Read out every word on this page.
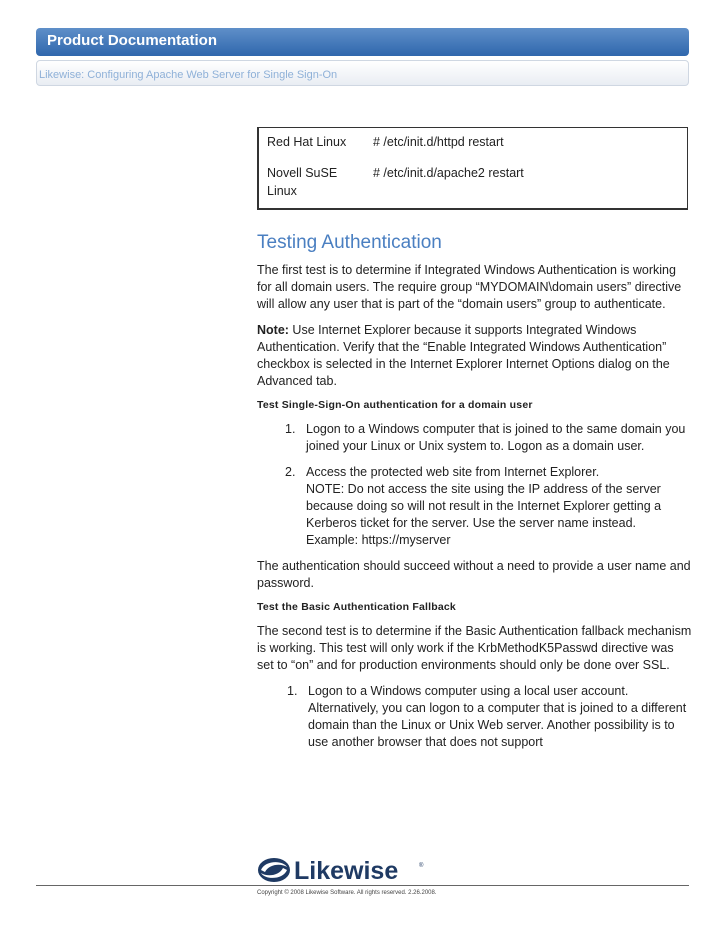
Product Documentation
Likewise: Configuring Apache Web Server for Single Sign-On
Red Hat Linux	# /etc/init.d/httpd restart
Novell SuSE
Linux
# /etc/init.d/apache2 restart
Testing Authentication

The first test is to determine if Integrated Windows Authentication is working for all domain users. The require group “MYDOMAIN\domain users” directive will allow any user that is part of the “domain users” group to authenticate.

Note: Use Internet Explorer because it supports Integrated Windows Authentication. Verify that the “Enable Integrated Windows Authentication” checkbox is selected in the Internet Explorer Internet Options dialog on the Advanced tab.

Test Single-Sign-On authentication for a domain user
1. Logon to a Windows computer that is joined to the same domain you joined your Linux or Unix system to. Logon as a domain user.
2. Access the protected web site from Internet Explorer.
NOTE: Do not access the site using the IP address of the server because doing so will not result in the Internet Explorer getting a Kerberos ticket for the server. Use the server name instead.
Example: https://myserver

The authentication should succeed without a need to provide a user name and password.

Test the Basic Authentication Fallback

The second test is to determine if the Basic Authentication fallback mechanism is working. This test will only work if the KrbMethodK5Passwd directive was set to “on” and for production environments should only be done over SSL.

1. Logon to a Windows computer using a local user account. Alternatively, you can logon to a computer that is joined to a different domain than the Linux or Unix Web server. Another possibility is to use another browser that does not support
Likewise	®
Copyright © 2008 Likewise Software. All rights reserved. 2.26.2008.
